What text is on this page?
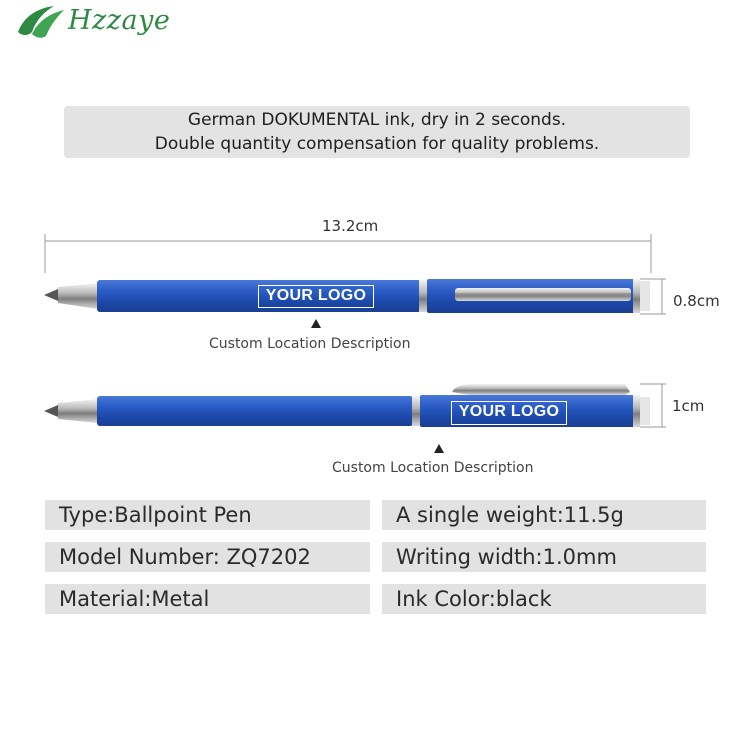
Hzzaye
German DOKUMENTAL ink, dry in 2 seconds.
Double quantity compensation for quality problems.
13.2cm
0.8cm
1cm
YOUR LOGO
Custom Location Description
YOUR LOGO
Custom Location Description
Type:Ballpoint Pen	A single weight:11.5g
Model Number: ZQ7202	Writing width:1.0mm
Material:Metal	Ink Color:black
